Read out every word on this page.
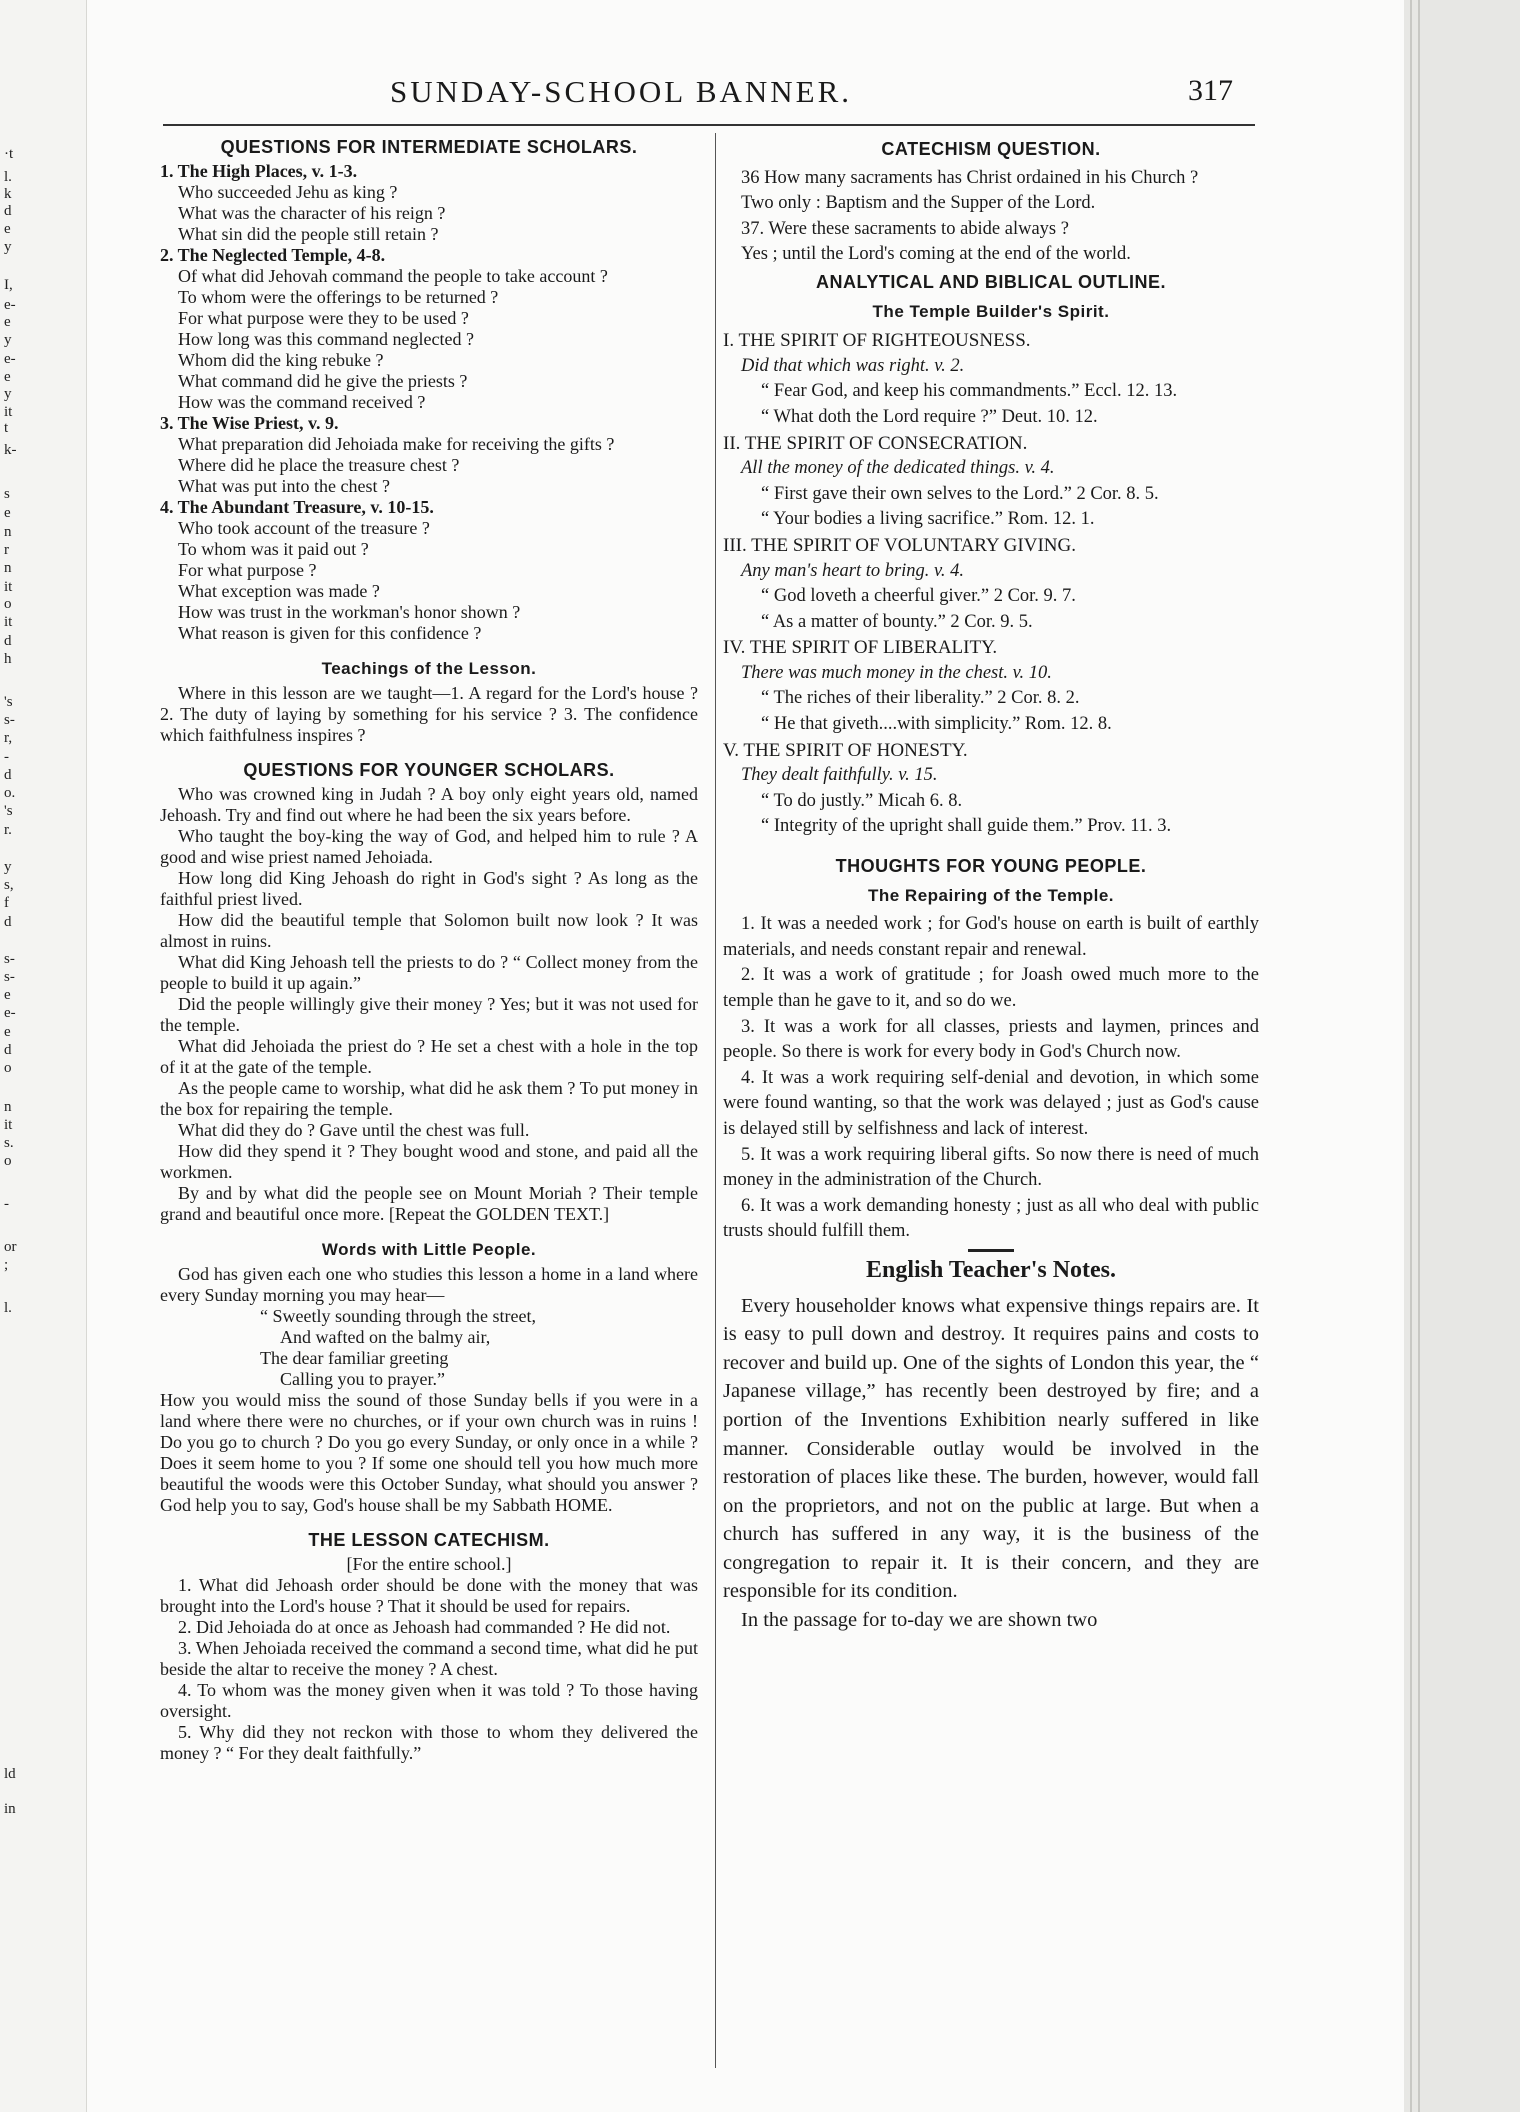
·t
l.
k
d
e
y
I,
e-
e
y
e-
e
y
it
t
k-
s
e
n
r
n
it
o
it
d
h
's
s-
r,
-
d
o.
's
r.
y
s,
f
d
s-
s-
e
e-
e
d
o
n
it
s.
o
-
or
;
l.
ld
in
SUNDAY-SCHOOL BANNER.	317

QUESTIONS FOR INTERMEDIATE SCHOLARS.

1. The High Places, v. 1-3.

Who succeeded Jehu as king ?

What was the character of his reign ?

What sin did the people still retain ?

2. The Neglected Temple, 4-8.

Of what did Jehovah command the people to take account ?

To whom were the offerings to be returned ?

For what purpose were they to be used ?

How long was this command neglected ?

Whom did the king rebuke ?

What command did he give the priests ?

How was the command received ?

3. The Wise Priest, v. 9.

What preparation did Jehoiada make for receiving the gifts ?

Where did he place the treasure chest ?

What was put into the chest ?

4. The Abundant Treasure, v. 10-15.

Who took account of the treasure ?

To whom was it paid out ?

For what purpose ?

What exception was made ?

How was trust in the workman's honor shown ?

What reason is given for this confidence ?

Teachings of the Lesson.

Where in this lesson are we taught—1. A regard for the Lord's house ? 2. The duty of laying by something for his service ? 3. The confidence which faithfulness inspires ?

QUESTIONS FOR YOUNGER SCHOLARS.

Who was crowned king in Judah ? A boy only eight years old, named Jehoash. Try and find out where he had been the six years before.

Who taught the boy-king the way of God, and helped him to rule ? A good and wise priest named Jehoiada.

How long did King Jehoash do right in God's sight ? As long as the faithful priest lived.

How did the beautiful temple that Solomon built now look ? It was almost in ruins.

What did King Jehoash tell the priests to do ? “ Collect money from the people to build it up again.”

Did the people willingly give their money ? Yes; but it was not used for the temple.

What did Jehoiada the priest do ? He set a chest with a hole in the top of it at the gate of the temple.

As the people came to worship, what did he ask them ? To put money in the box for repairing the temple.

What did they do ? Gave until the chest was full.

How did they spend it ? They bought wood and stone, and paid all the workmen.

By and by what did the people see on Mount Moriah ? Their temple grand and beautiful once more. [Repeat the GOLDEN TEXT.]

Words with Little People.

God has given each one who studies this lesson a home in a land where every Sunday morning you may hear—

“ Sweetly sounding through the street,

And wafted on the balmy air,

The dear familiar greeting

Calling you to prayer.”

How you would miss the sound of those Sunday bells if you were in a land where there were no churches, or if your own church was in ruins ! Do you go to church ? Do you go every Sunday, or only once in a while ? Does it seem home to you ? If some one should tell you how much more beautiful the woods were this October Sunday, what should you answer ? God help you to say, God's house shall be my Sabbath HOME.

THE LESSON CATECHISM.

[For the entire school.]

1. What did Jehoash order should be done with the money that was brought into the Lord's house ? That it should be used for repairs.

2. Did Jehoiada do at once as Jehoash had commanded ? He did not.

3. When Jehoiada received the command a second time, what did he put beside the altar to receive the money ? A chest.

4. To whom was the money given when it was told ? To those having oversight.

5. Why did they not reckon with those to whom they delivered the money ? “ For they dealt faithfully.”

CATECHISM QUESTION.

36 How many sacraments has Christ ordained in his Church ?

Two only : Baptism and the Supper of the Lord.

37. Were these sacraments to abide always ?

Yes ; until the Lord's coming at the end of the world.

ANALYTICAL AND BIBLICAL OUTLINE.

The Temple Builder's Spirit.

I. THE SPIRIT OF RIGHTEOUSNESS.

Did that which was right. v. 2.

“ Fear God, and keep his commandments.” Eccl. 12. 13.

“ What doth the Lord require ?” Deut. 10. 12.

II. THE SPIRIT OF CONSECRATION.

All the money of the dedicated things. v. 4.

“ First gave their own selves to the Lord.” 2 Cor. 8. 5.

“ Your bodies a living sacrifice.” Rom. 12. 1.

III. THE SPIRIT OF VOLUNTARY GIVING.

Any man's heart to bring. v. 4.

“ God loveth a cheerful giver.” 2 Cor. 9. 7.

“ As a matter of bounty.” 2 Cor. 9. 5.

IV. THE SPIRIT OF LIBERALITY.

There was much money in the chest. v. 10.

“ The riches of their liberality.” 2 Cor. 8. 2.

“ He that giveth....with simplicity.” Rom. 12. 8.

V. THE SPIRIT OF HONESTY.

They dealt faithfully. v. 15.

“ To do justly.” Micah 6. 8.

“ Integrity of the upright shall guide them.” Prov. 11. 3.

THOUGHTS FOR YOUNG PEOPLE.

The Repairing of the Temple.

1. It was a needed work ; for God's house on earth is built of earthly materials, and needs constant repair and renewal.

2. It was a work of gratitude ; for Joash owed much more to the temple than he gave to it, and so do we.

3. It was a work for all classes, priests and laymen, princes and people. So there is work for every body in God's Church now.

4. It was a work requiring self-denial and devotion, in which some were found wanting, so that the work was delayed ; just as God's cause is delayed still by selfishness and lack of interest.

5. It was a work requiring liberal gifts. So now there is need of much money in the administration of the Church.

6. It was a work demanding honesty ; just as all who deal with public trusts should fulfill them.

English Teacher's Notes.

Every householder knows what expensive things repairs are. It is easy to pull down and destroy. It requires pains and costs to recover and build up. One of the sights of London this year, the “ Japanese village,” has recently been destroyed by fire; and a portion of the Inventions Exhibition nearly suffered in like manner. Considerable outlay would be involved in the restoration of places like these. The burden, however, would fall on the proprietors, and not on the public at large. But when a church has suffered in any way, it is the business of the congregation to repair it. It is their concern, and they are responsible for its condition.

In the passage for to-day we are shown two
